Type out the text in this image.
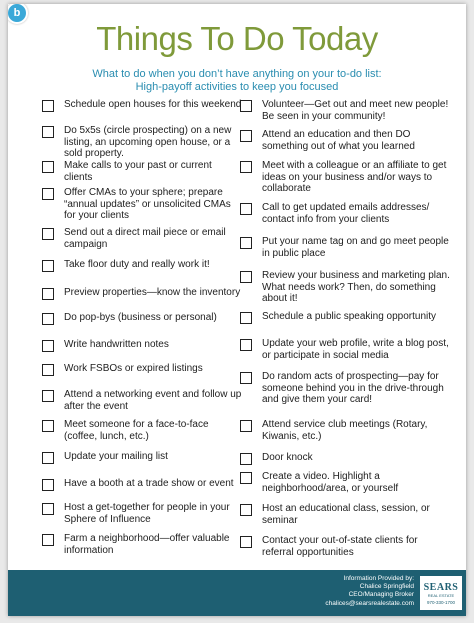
b
Things To Do Today
What to do when you don’t have anything on your to-do list:
High-payoff activities to keep you focused
Schedule open houses for this weekend
Do 5x5s (circle prospecting) on a new listing, an upcoming open house, or a sold property.
Make calls to your past or current clients
Offer CMAs to your sphere; prepare “annual updates” or unsolicited CMAs for your clients
Send out a direct mail piece or email campaign
Take floor duty and really work it!
Preview properties—know the inventory
Do pop-bys (business or personal)
Write handwritten notes
Work FSBOs or expired listings
Attend a networking event and follow up after the event
Meet someone for a face-to-face (coffee, lunch, etc.)
Update your mailing list
Have a booth at a trade show or event
Host a get-together for people in your Sphere of Influence
Farm a neighborhood—offer valuable information
Volunteer—Get out and meet new people! Be seen in your community!
Attend an education and then DO something out of what you learned
Meet with a colleague or an affiliate to get ideas on your business and/or ways to collaborate
Call to get updated emails addresses/ contact info from your clients
Put your name tag on and go meet people in public place
Review your business and marketing plan. What needs work? Then, do something about it!
Schedule a public speaking opportunity
Update your web profile, write a blog post, or participate in social media
Do random acts of prospecting—pay for someone behind you in the drive-through and give them your card!
Attend service club meetings (Rotary, Kiwanis, etc.)
Door knock
Create a video. Highlight a neighborhood/area, or yourself
Host an educational class, session, or seminar
Contact your out-of-state clients for referral opportunities
Information Provided by:
Chalice Springfield
CEO/Managing Broker
chalices@searsrealestate.com
SEARS
REAL ESTATE
970-330-1700
